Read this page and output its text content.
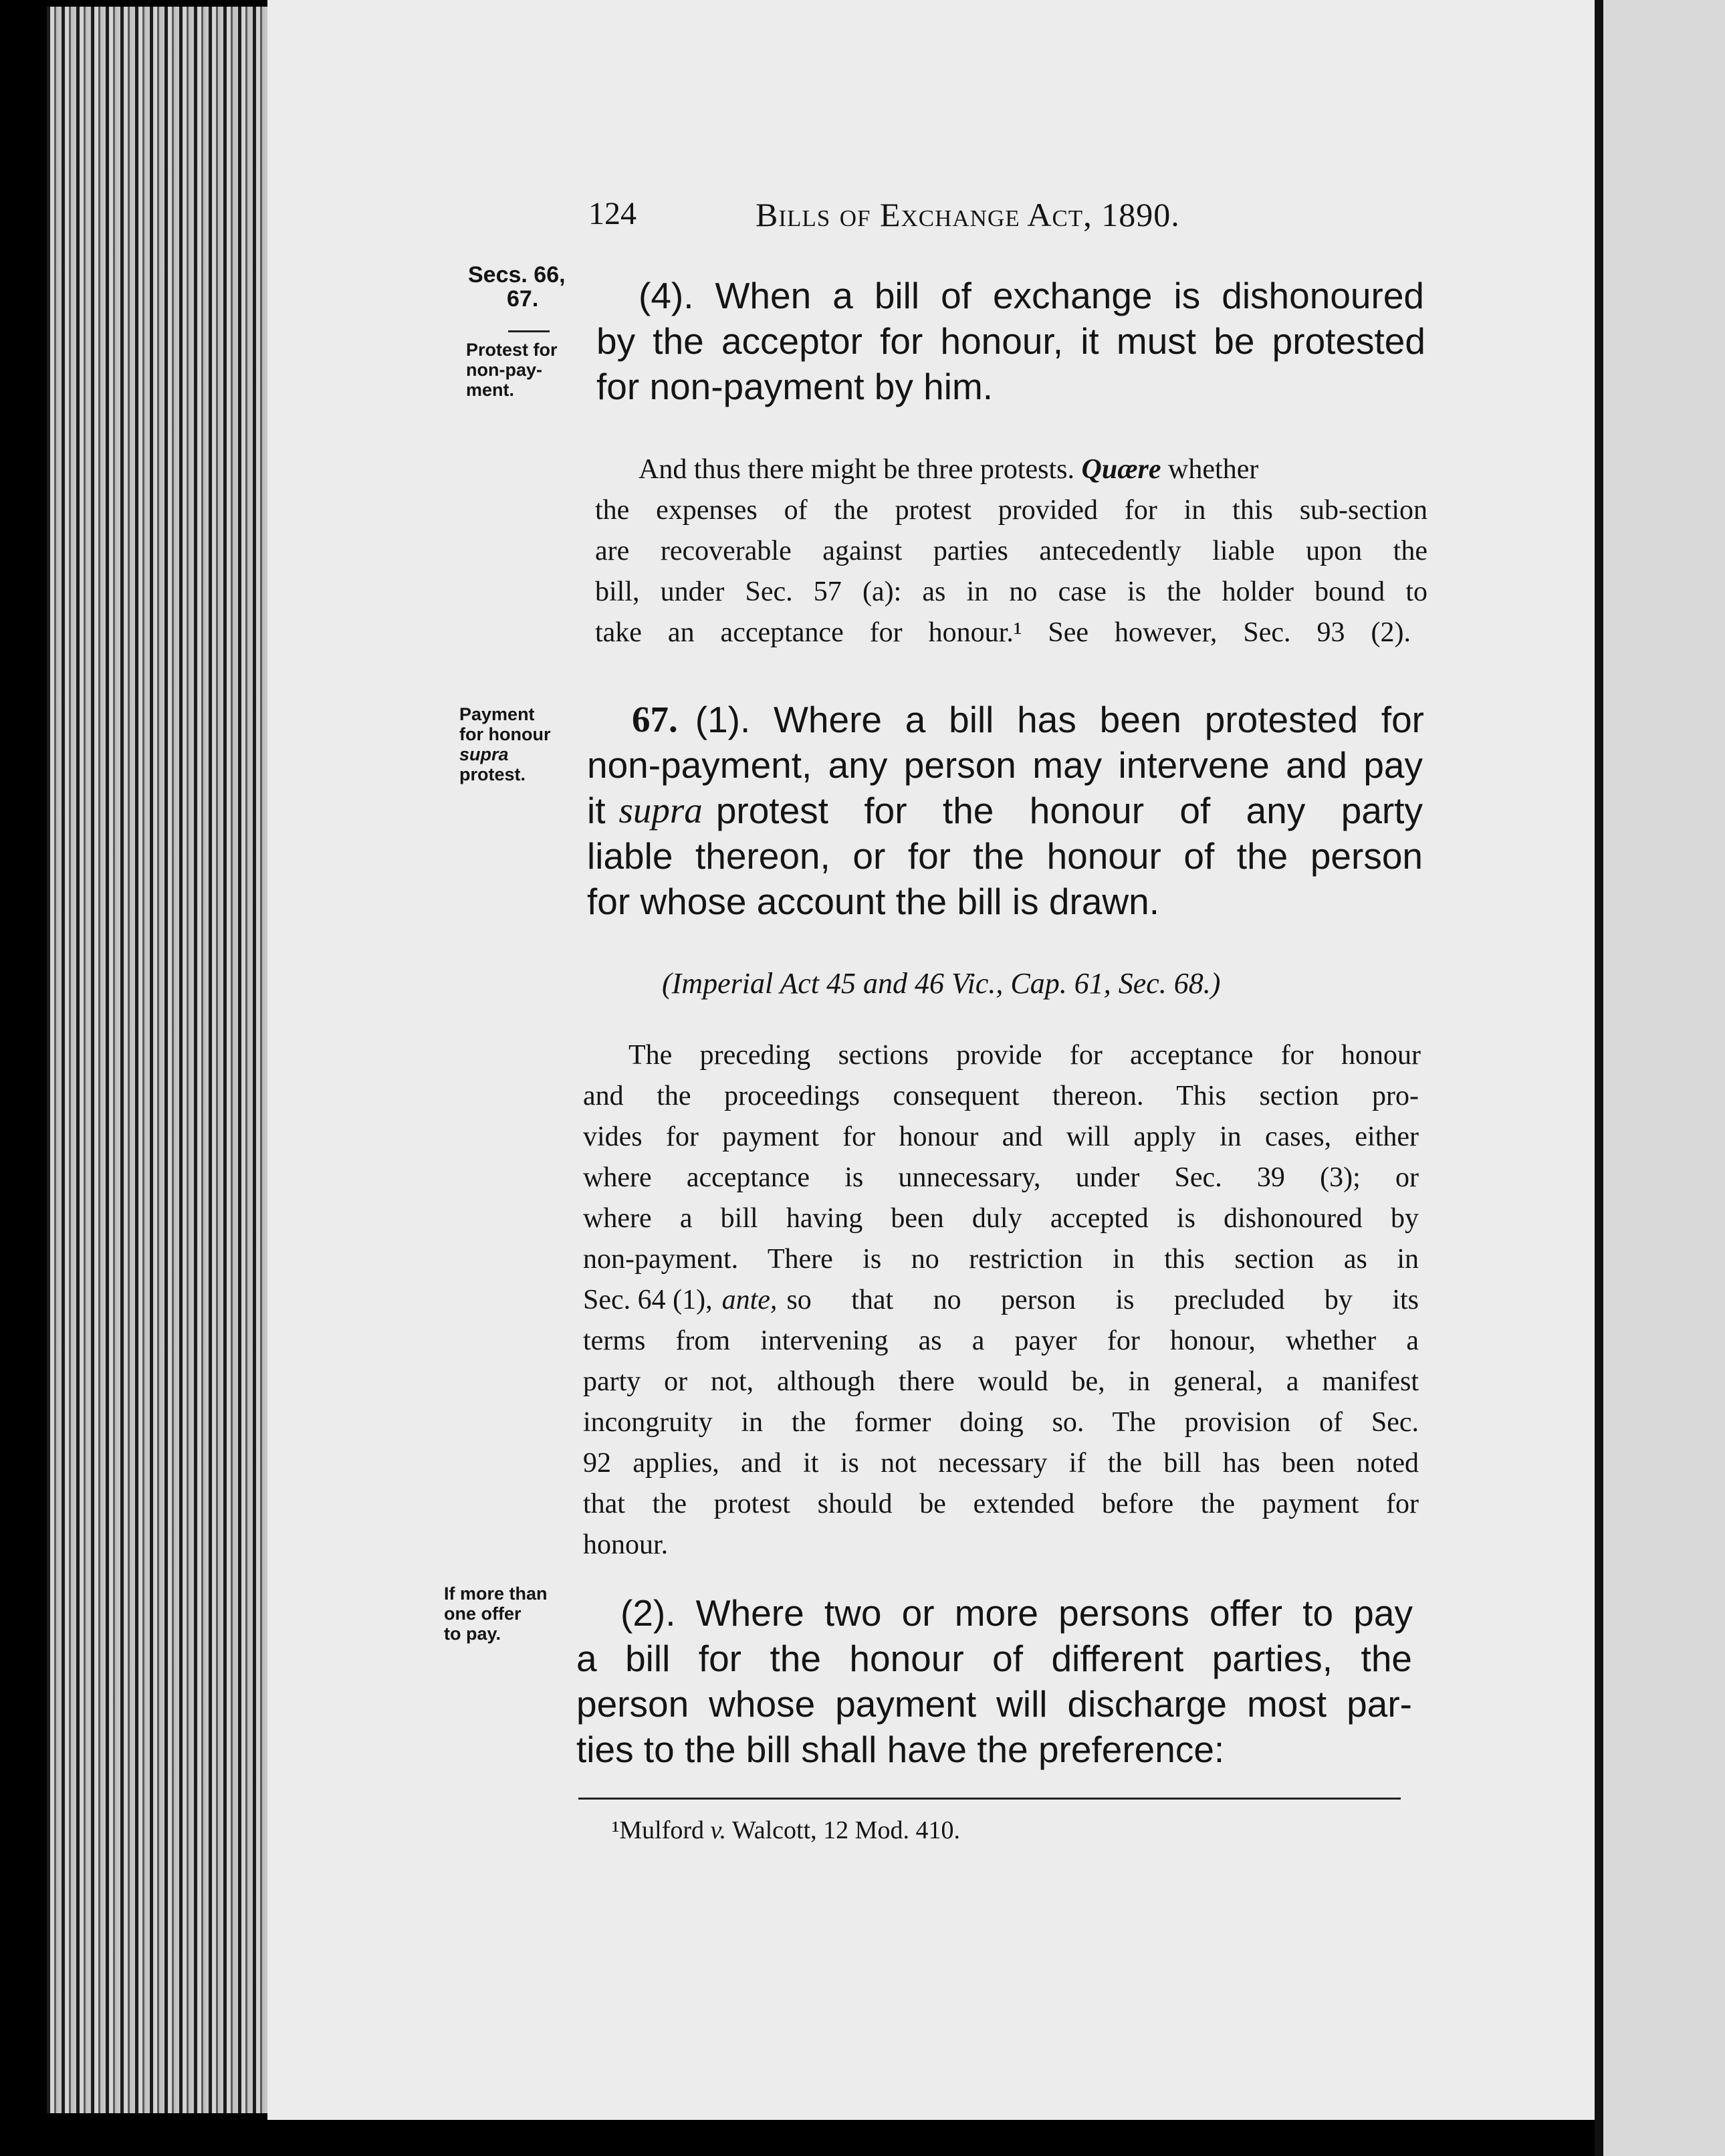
124	Bills of Exchange Act, 1890.
Secs. 66,
67.
Protest for
non-pay-
ment.
Payment
for honour
supra
protest.
If more than
one offer
to pay.
(4). When a bill of exchange is dishonoured
by the acceptor for honour, it must be protested
for non-payment by him.
And thus there might be three protests. Quære whether
the expenses of the protest provided for in this sub-section
are recoverable against parties antecedently liable upon the
bill, under Sec. 57 (a): as in no case is the holder bound to
take an acceptance for honour.¹ See however, Sec. 93 (2).
67. (1). Where a bill has been protested for
non-payment, any person may intervene and pay
it supra protest for the honour of any party
liable thereon, or for the honour of the person
for whose account the bill is drawn.
(Imperial Act 45 and 46 Vic., Cap. 61, Sec. 68.)
The preceding sections provide for acceptance for honour
and the proceedings consequent thereon. This section pro-
vides for payment for honour and will apply in cases, either
where acceptance is unnecessary, under Sec. 39 (3); or
where a bill having been duly accepted is dishonoured by
non-payment. There is no restriction in this section as in
Sec. 64 (1), ante, so that no person is precluded by its
terms from intervening as a payer for honour, whether a
party or not, although there would be, in general, a manifest
incongruity in the former doing so. The provision of Sec.
92 applies, and it is not necessary if the bill has been noted
that the protest should be extended before the payment for
honour.
(2). Where two or more persons offer to pay
a bill for the honour of different parties, the
person whose payment will discharge most par-
ties to the bill shall have the preference:
¹Mulford v. Walcott, 12 Mod. 410.
